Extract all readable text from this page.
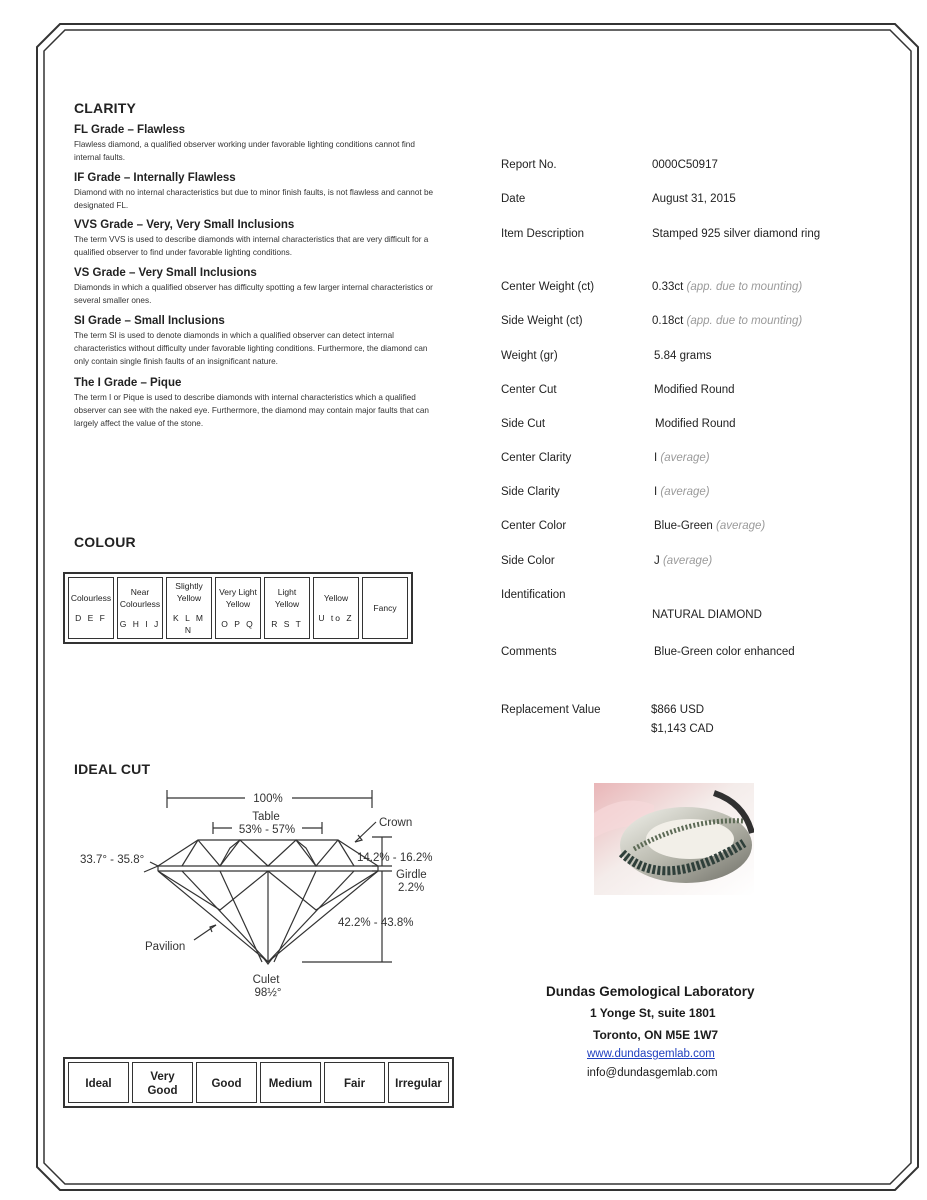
CLARITY
FL Grade – Flawless
Flawless diamond, a qualified observer working under favorable lighting conditions cannot find internal faults.
IF Grade – Internally Flawless
Diamond with no internal characteristics but due to minor finish faults, is not flawless and cannot be designated FL.
VVS Grade – Very, Very Small Inclusions
The term VVS is used to describe diamonds with internal characteristics that are very difficult for a qualified observer to find under favorable lighting conditions.
VS Grade – Very Small Inclusions
Diamonds in which a qualified observer has difficulty spotting a few larger internal characteristics or several smaller ones.
SI Grade – Small Inclusions
The term SI is used to denote diamonds in which a qualified observer can detect internal characteristics without difficulty under favorable lighting conditions. Furthermore, the diamond can only contain single finish faults of an insignificant nature.
The I Grade – Pique
The term I or Pique is used to describe diamonds with internal characteristics which a qualified observer can see with the naked eye. Furthermore, the diamond may contain major faults that can largely affect the value of the stone.
COLOUR
Colourless
D E F
	Near Colourless
G H I J
	Slightly Yellow
K L M N
	Very Light Yellow
O P Q
	Light Yellow
R S T
	Yellow
U to Z
	Fancy
IDEAL CUT
100%
Table
53% - 57%
Crown
33.7° - 35.8°	14.2% - 16.2%
Girdle
2.2%
42.2% - 43.8%
Pavilion
Culet
98½°
Ideal	Very Good	Good	Medium	Fair	Irregular
Report No.	0000C50917
Date	August 31, 2015
Item Description	Stamped 925 silver diamond ring
Center Weight (ct)	0.33ct (app. due to mounting)
Side Weight (ct)	0.18ct (app. due to mounting)
Weight (gr)	5.84 grams
Center Cut	Modified Round
Side Cut	Modified Round
Center Clarity	I (average)
Side Clarity	I (average)
Center Color	Blue-Green (average)
Side Color	J (average)
Identification
NATURAL DIAMOND
Comments	Blue-Green color enhanced
Replacement Value	$866 USD
$1,143 CAD
Dundas Gemological Laboratory
1 Yonge St, suite 1801
Toronto, ON M5E 1W7
www.dundasgemlab.com
info@dundasgemlab.com
